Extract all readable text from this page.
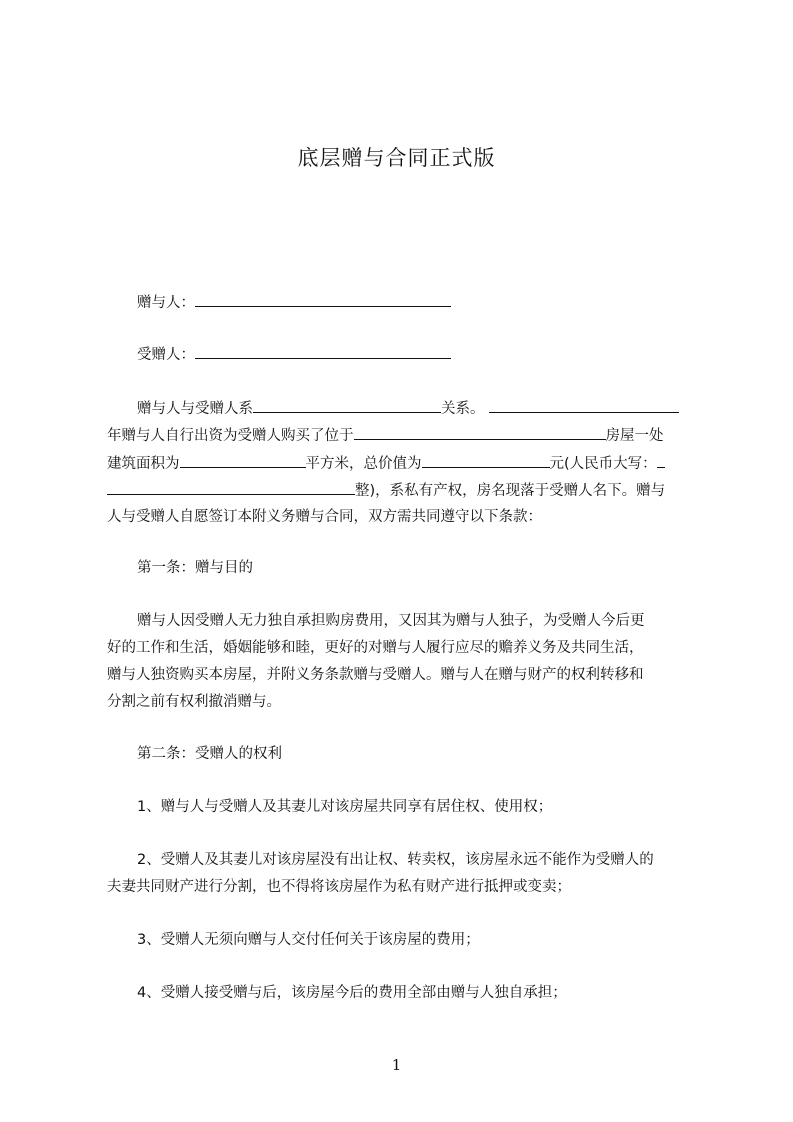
底层赠与合同正式版
赠与人：
受赠人：
赠与人与受赠人系	关系。
年赠与人自行出资为受赠人购买了位于	房屋一处
建筑面积为	平方米，总价值为	元(人民币大写：
整)，系私有产权，房名现落于受赠人名下。赠与
人与受赠人自愿签订本附义务赠与合同，双方需共同遵守以下条款：
第一条：赠与目的
赠与人因受赠人无力独自承担购房费用，又因其为赠与人独子，为受赠人今后更
好的工作和生活，婚姻能够和睦，更好的对赠与人履行应尽的赡养义务及共同生活，
赠与人独资购买本房屋，并附义务条款赠与受赠人。赠与人在赠与财产的权利转移和
分割之前有权利撤消赠与。
第二条：受赠人的权利
1、赠与人与受赠人及其妻儿对该房屋共同享有居住权、使用权；
2、受赠人及其妻儿对该房屋没有出让权、转卖权，该房屋永远不能作为受赠人的
夫妻共同财产进行分割，也不得将该房屋作为私有财产进行抵押或变卖；
3、受赠人无须向赠与人交付任何关于该房屋的费用；
4、受赠人接受赠与后，该房屋今后的费用全部由赠与人独自承担；
1
